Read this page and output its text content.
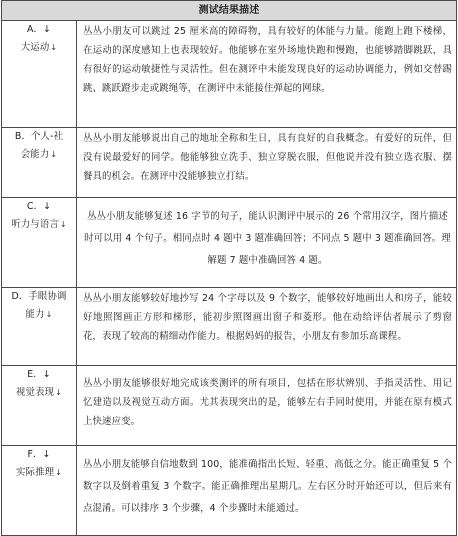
测试结果描述	

A．↓
大运动↓	丛丛小朋友可以跳过 25 厘米高的障碍物，具有较好的体能与力量。能跑上跑下楼梯，在运动的深度感知上也表现较好。他能够在室外场地快跑和慢跑，也能够踏脚跳跃，具有很好的运动敏捷性与灵活性。但在测评中未能发现良好的运动协调能力，例如交替踢跳、跳跃蹬步走或跳绳等，在测评中未能接住弹起的网球。

B．个人-社
会能力↓	丛丛小朋友能够说出自己的地址全称和生日，具有良好的自我概念。有爱好的玩伴，但没有说最爱好的同学。他能够独立洗手、独立穿脱衣服，但他说并没有独立选衣服、摆餐具的机会。在测评中没能够独立打结。

C．↓
听力与语言↓	丛丛小朋友能够复述 16 字节的句子，能认识测评中展示的 26 个常用汉字，图片描述时可以用 4 个句子。相同点时 4 题中 3 题准确回答；不同点 5 题中 3 题准确回答。理解题 7 题中准确回答 4 题。

D．手眼协调
能力↓	丛丛小朋友能够较好地抄写 24 个字母以及 9 个数字，能够较好地画出人和房子，能较好地照图画正方形和梯形，能初步照图画出窗子和菱形。他在动给评估者展示了剪窗花，表现了较高的精细动作能力。根据妈妈的报告，小朋友有参加乐高课程。

E．↓
视觉表现↓	丛丛小朋友能够很好地完成该类测评的所有项目，包括在形状辨别、手指灵活性、用记忆建造以及视觉互动方面。尤其表现突出的是，能够左右手同时使用，并能在原有模式上快速应变。

F．↓
实际推理↓	丛丛小朋友能够自信地数到 100，能准确指出长短、轻重、高低之分。能正确重复 5 个数字以及倒着重复 3 个数字。能正确推理出星期几。左右区分时开始还可以，但后来有点混淆。可以排序 3 个步骤，4 个步骤时未能通过。
